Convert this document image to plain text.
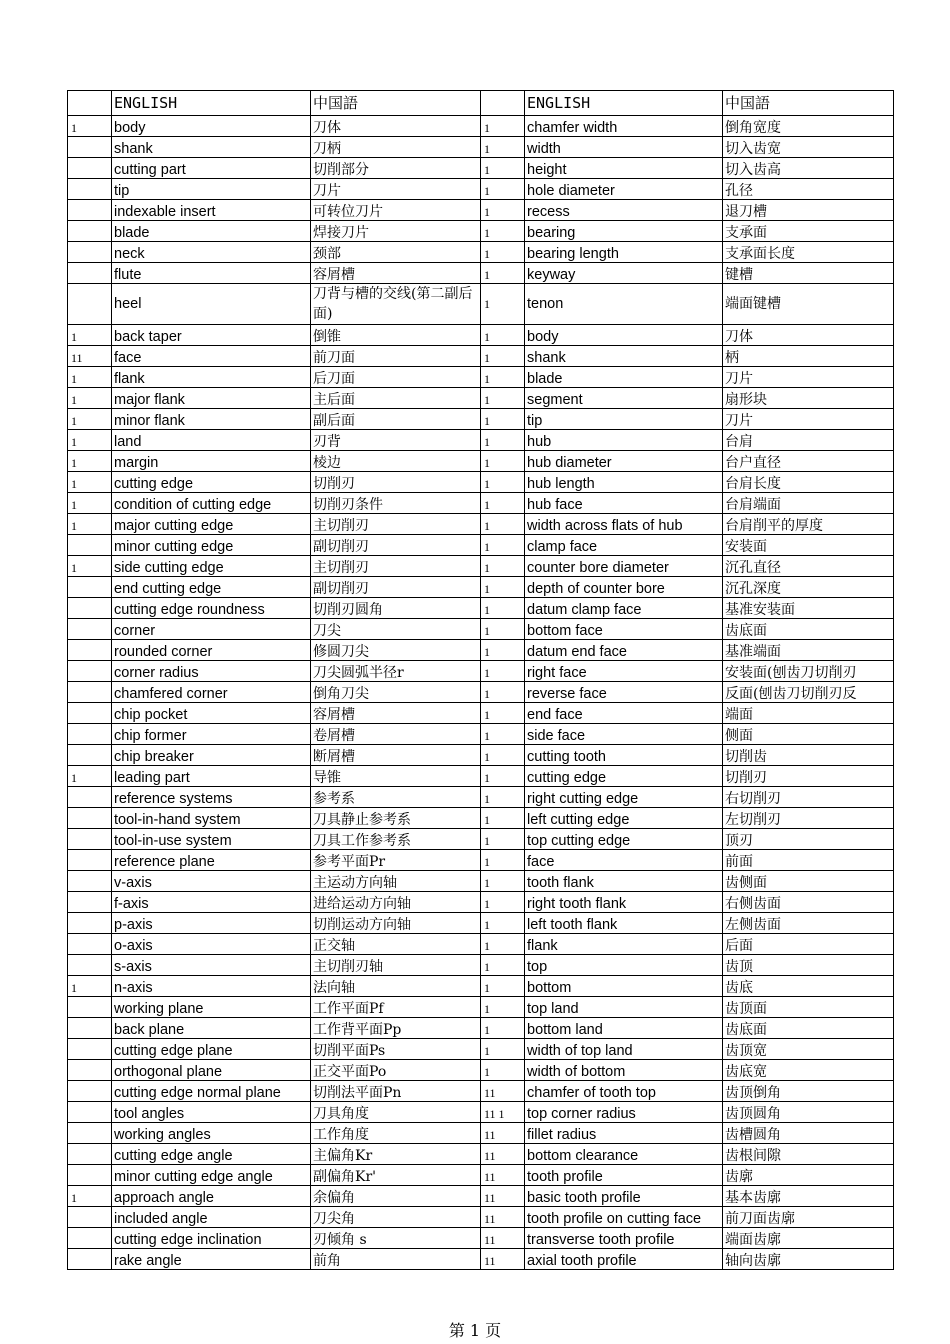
	ENGLISH	中国語		ENGLISH	中国語
1	body	刀体	1	chamfer width	倒角宽度
	shank	刀柄	1	width	切入齿宽
	cutting part	切削部分	1	height	切入齿高
	tip	刀片	1	hole diameter	孔径
	indexable insert	可转位刀片	1	recess	退刀槽
	blade	焊接刀片	1	bearing	支承面
	neck	颈部	1	bearing length	支承面长度
	flute	容屑槽	1	keyway	键槽
	heel	刀背与槽的交线(第二副后面)	1	tenon	端面键槽
1	back taper	倒锥	1	body	刀体
11	face	前刀面	1	shank	柄
1	flank	后刀面	1	blade	刀片
1	major flank	主后面	1	segment	扇形块
1	minor flank	副后面	1	tip	刀片
1	land	刃背	1	hub	台肩
1	margin	棱边	1	hub diameter	台户直径
1	cutting edge	切削刃	1	hub length	台肩长度
1	condition of cutting edge	切削刃条件	1	hub face	台肩端面
1	major cutting edge	主切削刃	1	width across flats of hub	台肩削平的厚度
	minor cutting edge	副切削刃	1	clamp face	安装面
1	side cutting edge	主切削刃	1	counter bore diameter	沉孔直径
	end cutting edge	副切削刃	1	depth of counter bore	沉孔深度
	cutting edge roundness	切削刃圆角	1	datum clamp face	基准安装面
	corner	刀尖	1	bottom face	齿底面
	rounded corner	修圆刀尖	1	datum end face	基准端面
	corner radius	刀尖圆弧半径r	1	right face	安装面(刨齿刀切削刃
	chamfered corner	倒角刀尖	1	reverse face	反面(刨齿刀切削刃反
	chip pocket	容屑槽	1	end face	端面
	chip former	卷屑槽	1	side face	侧面
	chip breaker	断屑槽	1	cutting tooth	切削齿
1	leading part	导锥	1	cutting edge	切削刃
	reference systems	参考系	1	right cutting edge	右切削刃
	tool-in-hand system	刀具静止参考系	1	left cutting edge	左切削刃
	tool-in-use system	刀具工作参考系	1	top cutting edge	顶刃
	reference plane	参考平面Pr	1	face	前面
	v-axis	主运动方向轴	1	tooth flank	齿侧面
	f-axis	进给运动方向轴	1	right tooth flank	右侧齿面
	p-axis	切削运动方向轴	1	left tooth flank	左侧齿面
	o-axis	正交轴	1	flank	后面
	s-axis	主切削刃轴	1	top	齿顶
1	n-axis	法向轴	1	bottom	齿底
	working plane	工作平面Pf	1	top land	齿顶面
	back plane	工作背平面Pp	1	bottom land	齿底面
	cutting edge plane	切削平面Ps	1	width of top land	齿顶宽
	orthogonal plane	正交平面Po	1	width of bottom	齿底宽
	cutting edge normal plane	切削法平面Pn	11	chamfer of tooth top	齿顶倒角
	tool angles	刀具角度	11 1	top corner radius	齿顶圆角
	working angles	工作角度	11	fillet radius	齿槽圆角
	cutting edge angle	主偏角Kr	11	bottom clearance	齿根间隙
	minor cutting edge angle	副偏角Kr'	11	tooth profile	齿廓
1	approach angle	余偏角	11	basic tooth profile	基本齿廓
	included angle	刀尖角	11	tooth profile on cutting face	前刀面齿廓
	cutting edge inclination	刃倾角 s	11	transverse tooth profile	端面齿廓
	rake angle	前角	11	axial tooth profile	轴向齿廓
第 1 页
